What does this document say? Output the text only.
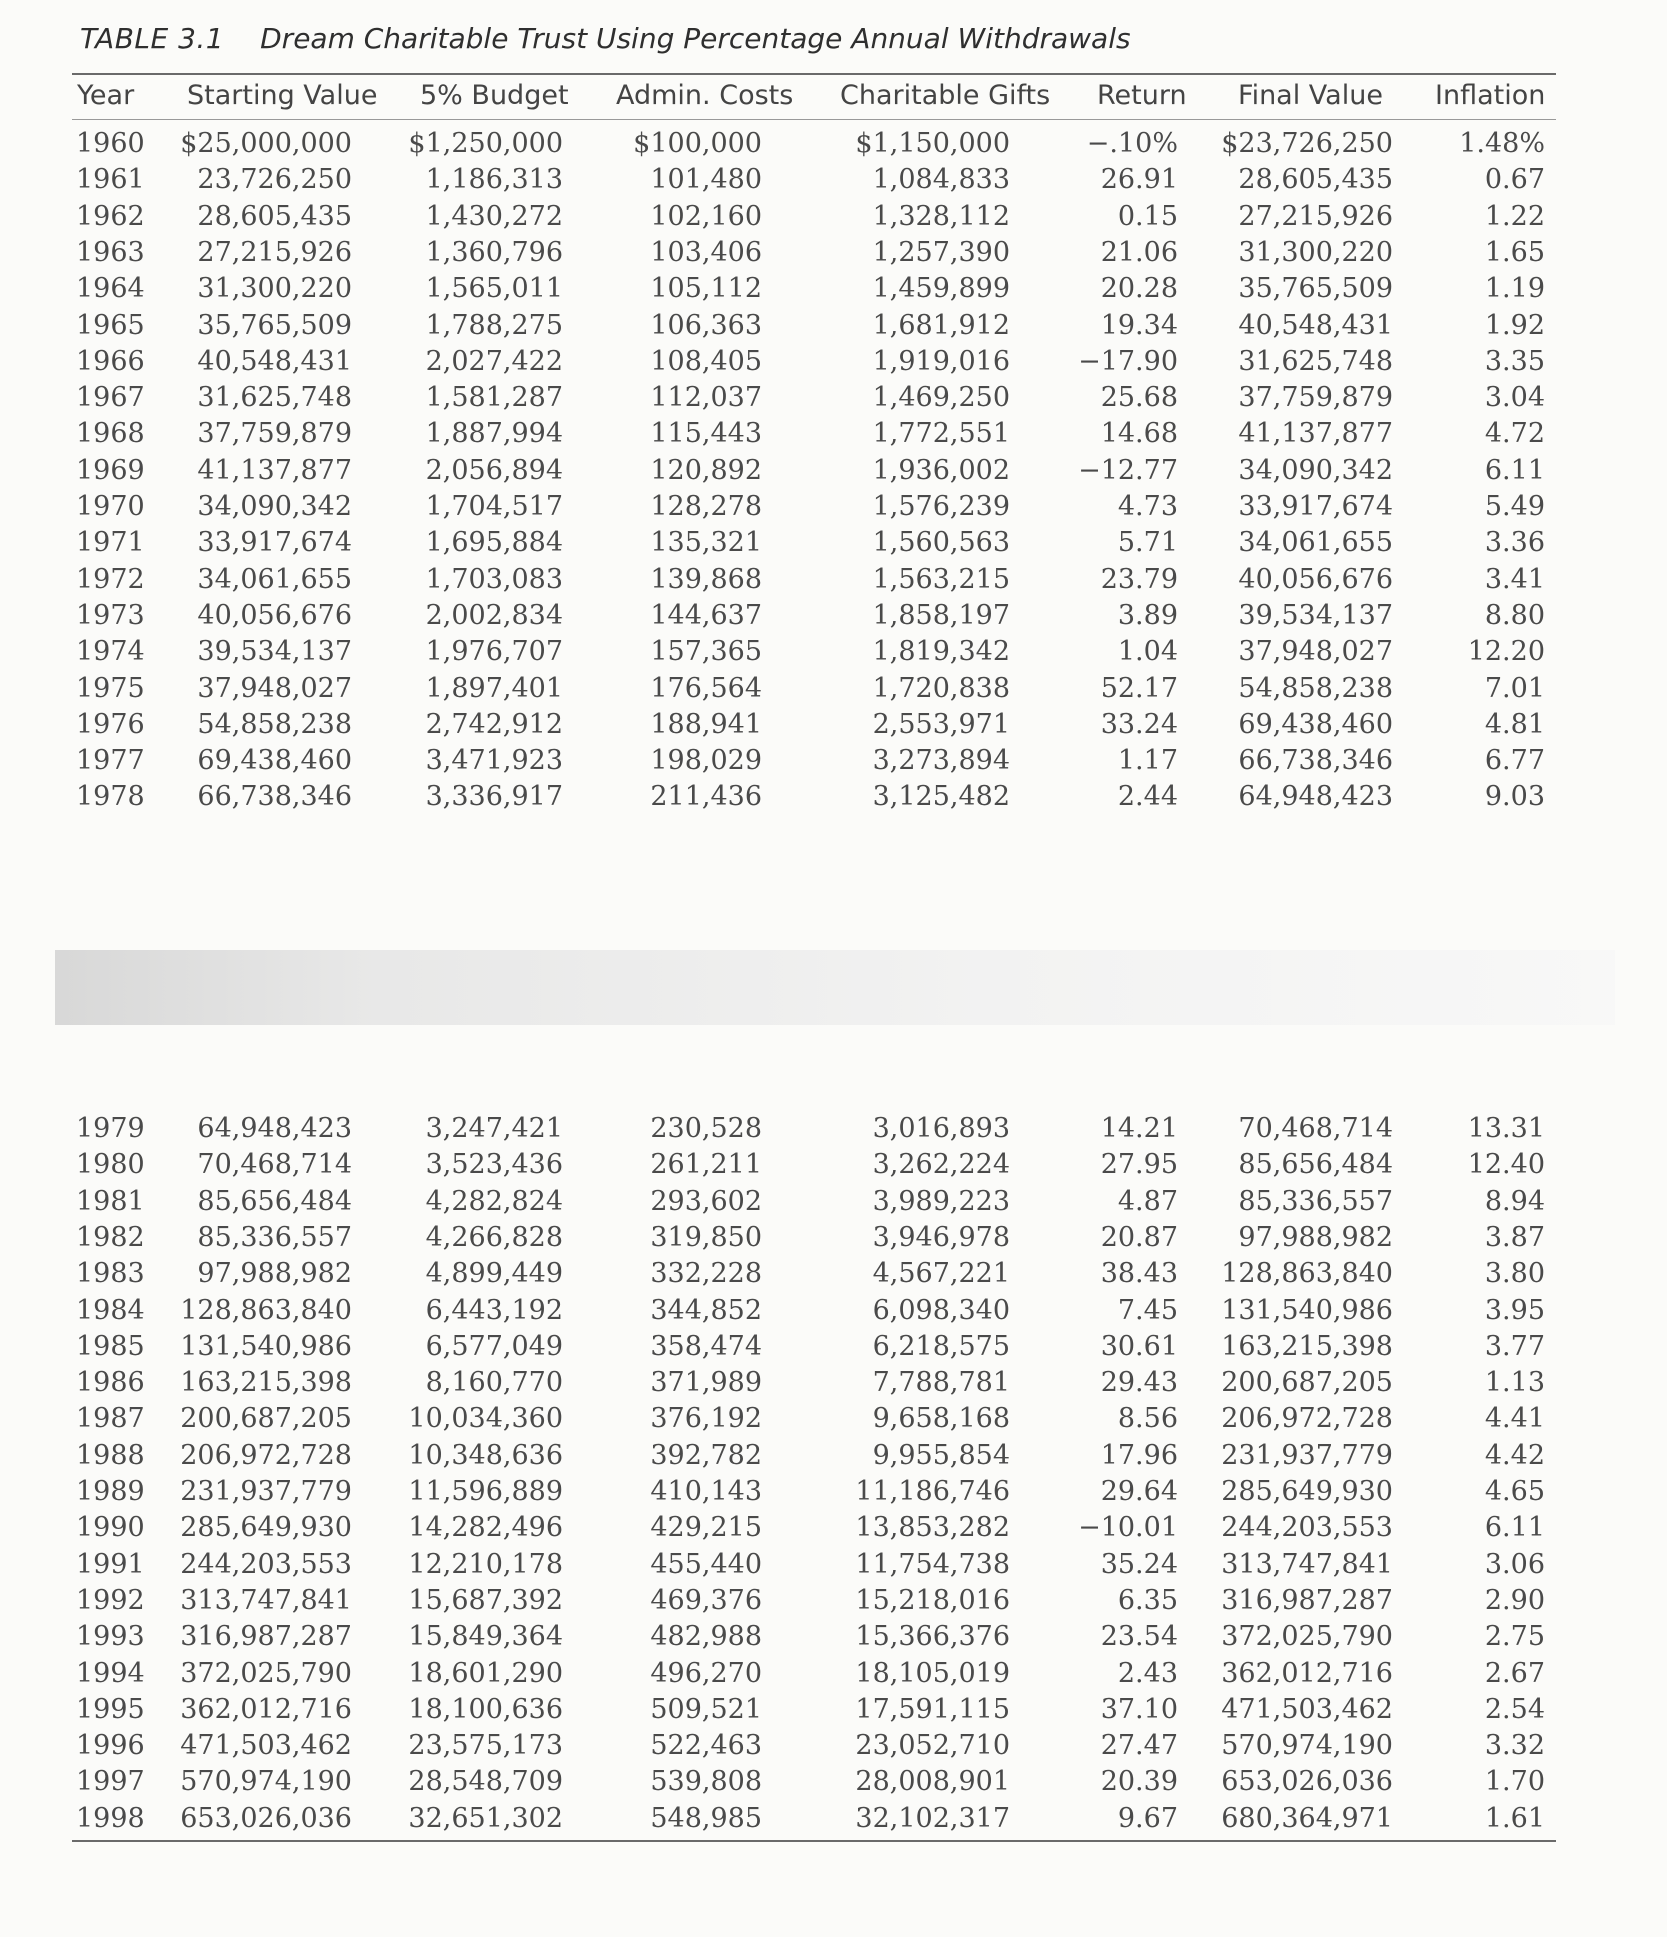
TABLE 3.1 Dream Charitable Trust Using Percentage Annual Withdrawals
Year Starting Value 5% Budget Admin. Costs Charitable Gifts Return Final Value Inflation
1960 $25,000,000 $1,250,000	$100,000	$1,150,000	−.10% $23,726,250 1.48%
1961 23,726,250	1,186,313	101,480	1,084,833	26.91 28,605,435	0.67
1962 28,605,435	1,430,272	102,160	1,328,112	0.15 27,215,926	1.22
1963 27,215,926	1,360,796	103,406	1,257,390	21.06 31,300,220	1.65
1964 31,300,220	1,565,011	105,112	1,459,899	20.28 35,765,509	1.19
1965 35,765,509	1,788,275	106,363	1,681,912	19.34 40,548,431	1.92
1966 40,548,431	2,027,422	108,405	1,919,016	−17.90 31,625,748	3.35
1967 31,625,748	1,581,287	112,037	1,469,250	25.68 37,759,879	3.04
1968 37,759,879	1,887,994	115,443	1,772,551	14.68 41,137,877	4.72
1969 41,137,877	2,056,894	120,892	1,936,002	−12.77 34,090,342	6.11
1970 34,090,342	1,704,517	128,278	1,576,239	4.73 33,917,674	5.49
1971 33,917,674	1,695,884	135,321	1,560,563	5.71 34,061,655	3.36
1972 34,061,655	1,703,083	139,868	1,563,215	23.79 40,056,676	3.41
1973 40,056,676	2,002,834	144,637	1,858,197	3.89 39,534,137	8.80
1974 39,534,137	1,976,707	157,365	1,819,342	1.04 37,948,027	12.20
1975 37,948,027	1,897,401	176,564	1,720,838	52.17 54,858,238	7.01
1976 54,858,238	2,742,912	188,941	2,553,971	33.24 69,438,460	4.81
1977 69,438,460	3,471,923	198,029	3,273,894	1.17 66,738,346	6.77
1978 66,738,346	3,336,917	211,436	3,125,482	2.44 64,948,423	9.03
1979 64,948,423	3,247,421	230,528	3,016,893	14.21 70,468,714	13.31
1980 70,468,714	3,523,436	261,211	3,262,224	27.95 85,656,484	12.40
1981 85,656,484	4,282,824	293,602	3,989,223	4.87 85,336,557	8.94
1982 85,336,557	4,266,828	319,850	3,946,978	20.87 97,988,982	3.87
1983 97,988,982	4,899,449	332,228	4,567,221	38.43 128,863,840	3.80
1984 128,863,840	6,443,192	344,852	6,098,340	7.45 131,540,986	3.95
1985 131,540,986	6,577,049	358,474	6,218,575	30.61 163,215,398	3.77
1986 163,215,398	8,160,770	371,989	7,788,781	29.43 200,687,205	1.13
1987 200,687,205 10,034,360	376,192	9,658,168	8.56 206,972,728	4.41
1988 206,972,728 10,348,636	392,782	9,955,854	17.96 231,937,779	4.42
1989 231,937,779 11,596,889	410,143	11,186,746	29.64 285,649,930	4.65
1990 285,649,930 14,282,496	429,215	13,853,282	−10.01 244,203,553	6.11
1991 244,203,553 12,210,178	455,440	11,754,738	35.24 313,747,841	3.06
1992 313,747,841 15,687,392	469,376	15,218,016	6.35 316,987,287	2.90
1993 316,987,287 15,849,364	482,988	15,366,376	23.54 372,025,790	2.75
1994 372,025,790 18,601,290	496,270	18,105,019	2.43 362,012,716	2.67
1995 362,012,716 18,100,636	509,521	17,591,115	37.10 471,503,462	2.54
1996 471,503,462 23,575,173	522,463	23,052,710	27.47 570,974,190	3.32
1997 570,974,190 28,548,709	539,808	28,008,901	20.39 653,026,036	1.70
1998 653,026,036 32,651,302	548,985	32,102,317	9.67 680,364,971	1.61
